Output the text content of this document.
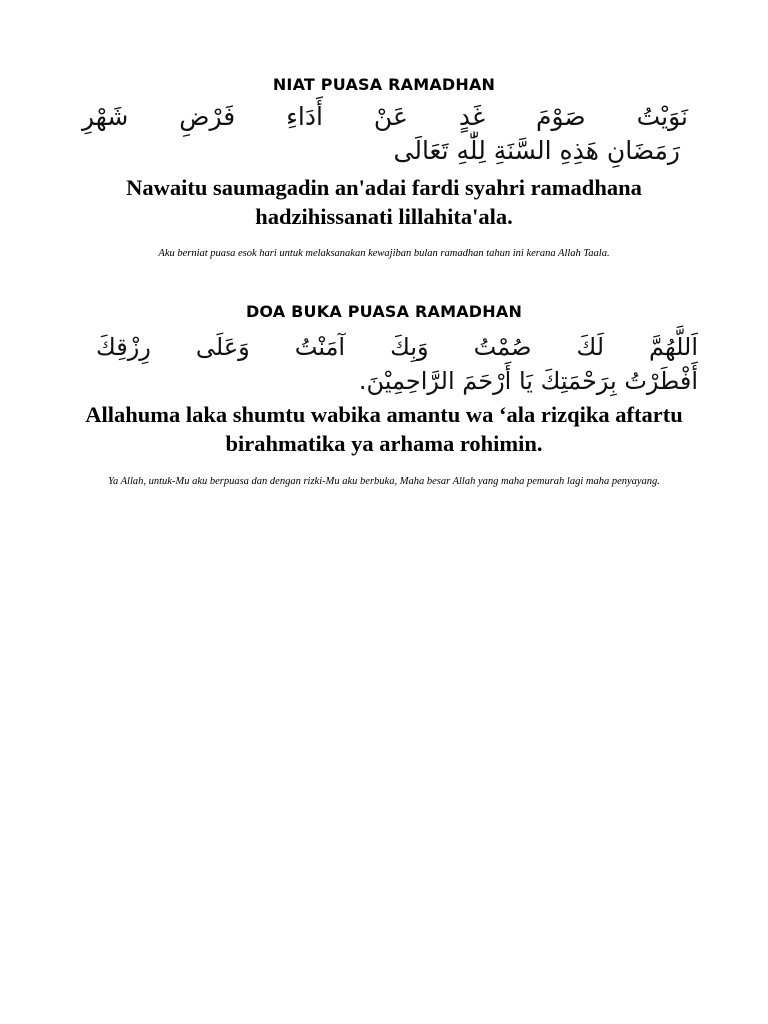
NIAT PUASA RAMADHAN
نَوَيْتُ صَوْمَ غَدٍ عَنْ أَدَاءِ فَرْضِ شَهْرِ
رَمَضَانِ هَذِهِ السَّنَةِ لِلّٰهِ تَعَالَى
Nawaitu saumagadin an'adai fardi syahri ramadhana hadzihissanati lillahita'ala.
Aku berniat puasa esok hari untuk melaksanakan kewajiban bulan ramadhan tahun ini kerana Allah Taala.
DOA BUKA PUASA RAMADHAN
اَللَّهُمَّ لَكَ صُمْتُ وَبِكَ آمَنْتُ وَعَلَى رِزْقِكَ
أَفْطَرْتُ بِرَحْمَتِكَ يَا أَرْحَمَ الرَّاحِمِيْنَ.
Allahuma laka shumtu wabika amantu wa ‘ala rizqika aftartu birahmatika ya arhama rohimin.
Ya Allah, untuk-Mu aku berpuasa dan dengan rizki-Mu aku berbuka, Maha besar Allah yang maha pemurah lagi maha penyayang.
